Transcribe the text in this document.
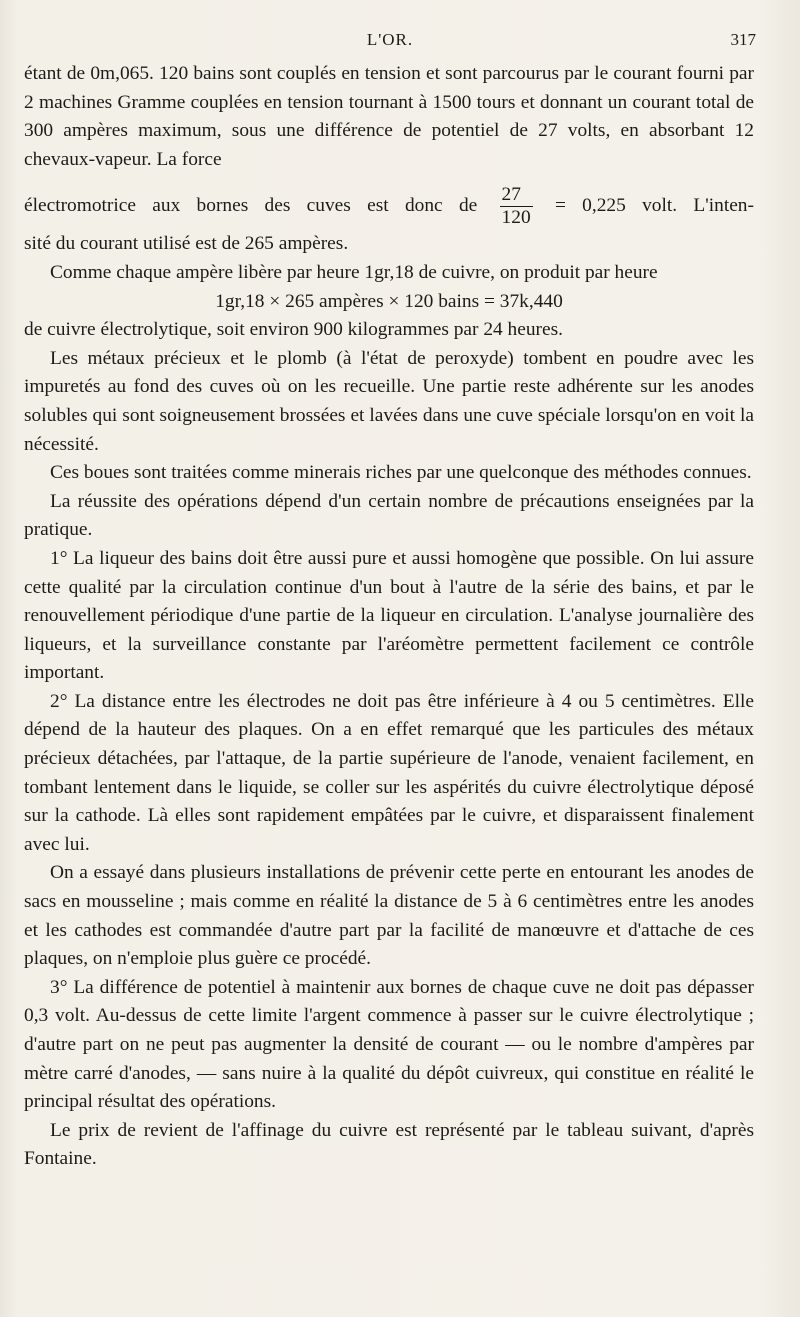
L'OR.	317

étant de 0m,065. 120 bains sont couplés en tension et sont parcourus par le courant fourni par 2 machines Gramme couplées en tension tournant à 1500 tours et donnant un courant total de 300 ampères maximum, sous une différence de potentiel de 27 volts, en absorbant 12 chevaux-vapeur. La force

électromotrice aux bornes des cuves est donc de $\frac{27}{120} = 0,225$ volt. L'inten-

sité du courant utilisé est de 265 ampères.

Comme chaque ampère libère par heure 1gr,18 de cuivre, on produit par heure

1gr,18 × 265 ampères × 120 bains = 37k,440

de cuivre électrolytique, soit environ 900 kilogrammes par 24 heures.

Les métaux précieux et le plomb (à l'état de peroxyde) tombent en poudre avec les impuretés au fond des cuves où on les recueille. Une partie reste adhérente sur les anodes solubles qui sont soigneusement brossées et lavées dans une cuve spéciale lorsqu'on en voit la nécessité.

Ces boues sont traitées comme minerais riches par une quelconque des méthodes connues.

La réussite des opérations dépend d'un certain nombre de précautions enseignées par la pratique.

1° La liqueur des bains doit être aussi pure et aussi homogène que possible. On lui assure cette qualité par la circulation continue d'un bout à l'autre de la série des bains, et par le renouvellement périodique d'une partie de la liqueur en circulation. L'analyse journalière des liqueurs, et la surveillance constante par l'aréomètre permettent facilement ce contrôle important.

2° La distance entre les électrodes ne doit pas être inférieure à 4 ou 5 centimètres. Elle dépend de la hauteur des plaques. On a en effet remarqué que les particules des métaux précieux détachées, par l'attaque, de la partie supérieure de l'anode, venaient facilement, en tombant lentement dans le liquide, se coller sur les aspérités du cuivre électrolytique déposé sur la cathode. Là elles sont rapidement empâtées par le cuivre, et disparaissent finalement avec lui.

On a essayé dans plusieurs installations de prévenir cette perte en entourant les anodes de sacs en mousseline ; mais comme en réalité la distance de 5 à 6 centimètres entre les anodes et les cathodes est commandée d'autre part par la facilité de manœuvre et d'attache de ces plaques, on n'emploie plus guère ce procédé.

3° La différence de potentiel à maintenir aux bornes de chaque cuve ne doit pas dépasser 0,3 volt. Au-dessus de cette limite l'argent commence à passer sur le cuivre électrolytique ; d'autre part on ne peut pas augmenter la densité de courant — ou le nombre d'ampères par mètre carré d'anodes, — sans nuire à la qualité du dépôt cuivreux, qui constitue en réalité le principal résultat des opérations.

Le prix de revient de l'affinage du cuivre est représenté par le tableau suivant, d'après Fontaine.
